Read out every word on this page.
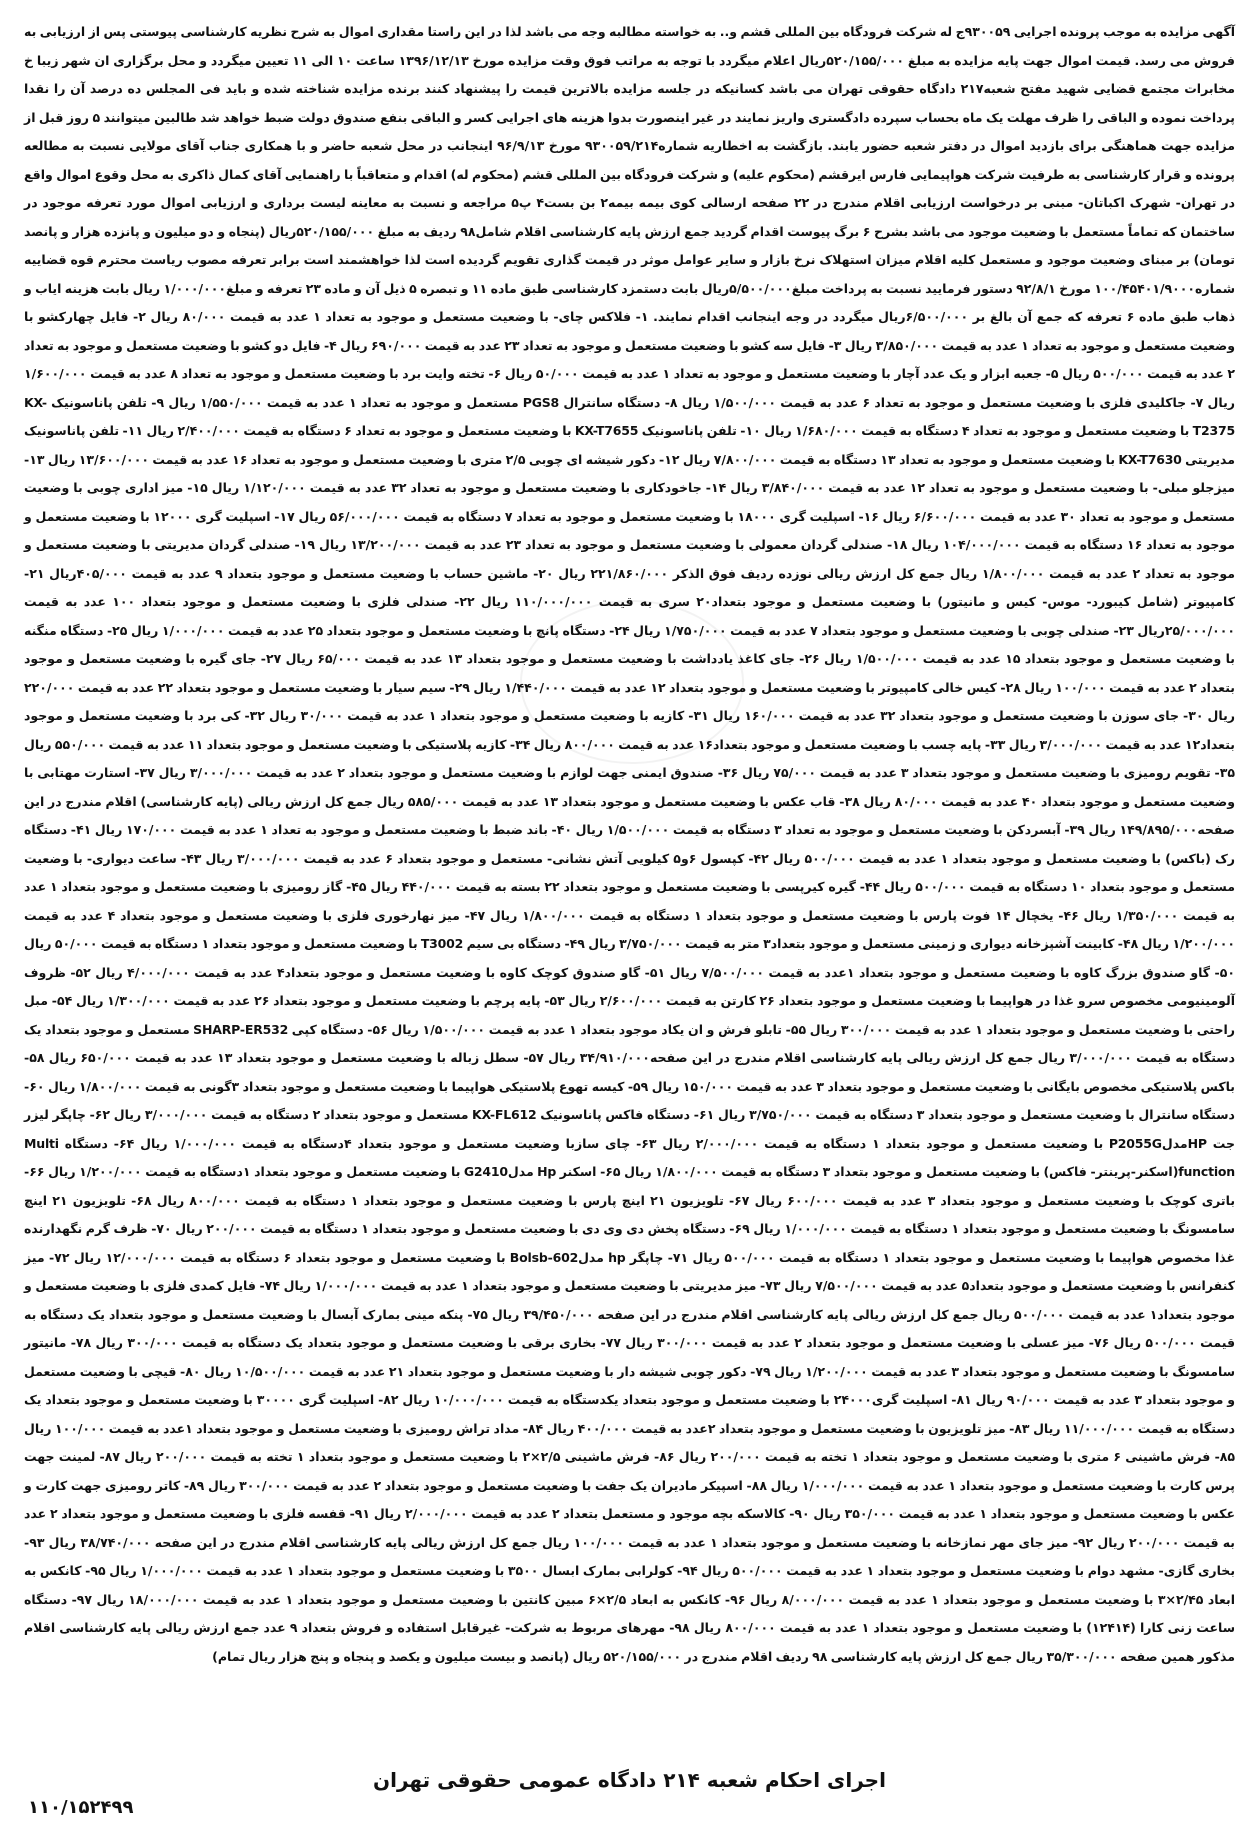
آگهی مزایده به موجب پرونده اجرایی ۹۳۰۰۵۹ج له شرکت فرودگاه بین المللی قشم و.. به خواسته مطالبه وجه می باشد لذا در این راستا مقداری اموال به شرح نظریه کارشناسی پیوستی پس از ارزیابی به فروش می رسد. قیمت اموال جهت پایه مزایده به مبلغ ۵۲۰/۱۵۵/۰۰۰ریال اعلام میگردد با توجه به مراتب فوق وقت مزایده مورخ ۱۳۹۶/۱۲/۱۳ ساعت ۱۰ الی ۱۱ تعیین میگردد و محل برگزاری ان شهر زیبا خ مخابرات مجتمع قضایی شهید مفتح شعبه۲۱۷ دادگاه حقوقی تهران می باشد کسانیکه در جلسه مزایده بالاترین قیمت را پیشنهاد کنند برنده مزایده شناخته شده و باید فی المجلس ده درصد آن را نقدا پرداخت نموده و الباقی را ظرف مهلت یک ماه بحساب سپرده دادگستری واریز نمایند در غیر اینصورت بدوا هزینه های اجرایی کسر و الباقی بنفع صندوق دولت ضبط خواهد شد طالبین میتوانند ۵ روز قبل از مزایده جهت هماهنگی برای بازدید اموال در دفتر شعبه حضور یابند. بازگشت به اخطاریه شماره۹۳۰۰۵۹/۲۱۴ مورخ ۹۶/۹/۱۳ اینجانب در محل شعبه حاضر و با همکاری جناب آقای مولایی نسبت به مطالعه پرونده و قرار کارشناسی به طرفیت شرکت هواپیمایی فارس ایرقشم (محکوم علیه) و شرکت فرودگاه بین المللی قشم (محکوم له) اقدام و متعاقباً با راهنمایی آقای کمال ذاکری به محل وقوع اموال واقع در تهران- شهرک اکباتان- مبنی بر درخواست ارزیابی اقلام مندرج در ۲۲ صفحه ارسالی کوی بیمه بیمه۲ بن بست۴ پ۵ مراجعه و نسبت به معاینه لیست برداری و ارزیابی اموال مورد تعرفه موجود در ساختمان که تماماً مستعمل با وضعیت موجود می باشد بشرح ۶ برگ پیوست اقدام گردید جمع ارزش پایه کارشناسی اقلام شامل۹۸ ردیف به مبلغ ۵۲۰/۱۵۵/۰۰۰ریال (پنجاه و دو میلیون و پانزده هزار و پانصد تومان) بر مبنای وضعیت موجود و مستعمل کلیه اقلام میزان استهلاک نرخ بازار و سایر عوامل موثر در قیمت گذاری تقویم گردیده است لذا خواهشمند است برابر تعرفه مصوب ریاست محترم قوه قضاییه شماره۱۰۰/۴۵۴۰۱/۹۰۰۰ مورخ ۹۲/۸/۱ دستور فرمایید نسبت به پرداخت مبلغ۵/۵۰۰/۰۰۰ریال بابت دستمزد کارشناسی طبق ماده ۱۱ و تبصره ۵ ذیل آن و ماده ۲۳ تعرفه و مبلغ۱/۰۰۰/۰۰۰ ریال بابت هزینه ایاب و ذهاب طبق ماده ۶ تعرفه که جمع آن بالغ بر ۶/۵۰۰/۰۰۰ریال میگردد در وجه اینجانب اقدام نمایند. ۱- فلاکس چای- با وضعیت مستعمل و موجود به تعداد ۱ عدد به قیمت ۸۰/۰۰۰ ریال ۲- فایل چهارکشو با وضعیت مستعمل و موجود به تعداد ۱ عدد به قیمت ۳/۸۵۰/۰۰۰ ریال ۳- فایل سه کشو با وضعیت مستعمل و موجود به تعداد ۲۳ عدد به قیمت ۶۹۰/۰۰۰ ریال ۴- فایل دو کشو با وضعیت مستعمل و موجود به تعداد ۲ عدد به قیمت ۵۰۰/۰۰۰ ریال ۵- جعبه ابزار و یک عدد آچار با وضعیت مستعمل و موجود به تعداد ۱ عدد به قیمت ۵۰/۰۰۰ ریال ۶- تخته وایت برد با وضعیت مستعمل و موجود به تعداد ۸ عدد به قیمت ۱/۶۰۰/۰۰۰ ریال ۷- جاکلیدی فلزی با وضعیت مستعمل و موجود به تعداد ۶ عدد به قیمت ۱/۵۰۰/۰۰۰ ریال ۸- دستگاه سانترال PGS8 مستعمل و موجود به تعداد ۱ عدد به قیمت ۱/۵۵۰/۰۰۰ ریال ۹- تلفن پاناسونیک KX-T2375 با وضعیت مستعمل و موجود به تعداد ۴ دستگاه به قیمت ۱/۶۸۰/۰۰۰ ریال ۱۰- تلفن پاناسونیک KX-T7655 با وضعیت مستعمل و موجود به تعداد ۶ دستگاه به قیمت ۲/۴۰۰/۰۰۰ ریال ۱۱- تلفن پاناسونیک مدیریتی KX-T7630 با وضعیت مستعمل و موجود به تعداد ۱۳ دستگاه به قیمت ۷/۸۰۰/۰۰۰ ریال ۱۲- دکور شیشه ای چوبی ۲/۵ متری با وضعیت مستعمل و موجود به تعداد ۱۶ عدد به قیمت ۱۳/۶۰۰/۰۰۰ ریال ۱۳- میزجلو مبلی- با وضعیت مستعمل و موجود به تعداد ۱۲ عدد به قیمت ۳/۸۴۰/۰۰۰ ریال ۱۴- جاخودکاری با وضعیت مستعمل و موجود به تعداد ۳۲ عدد به قیمت ۱/۱۲۰/۰۰۰ ریال ۱۵- میز اداری چوبی با وضعیت مستعمل و موجود به تعداد ۳۰ عدد به قیمت ۶/۶۰۰/۰۰۰ ریال ۱۶- اسپلیت گری ۱۸۰۰۰ با وضعیت مستعمل و موجود به تعداد ۷ دستگاه به قیمت ۵۶/۰۰۰/۰۰۰ ریال ۱۷- اسپلیت گری ۱۲۰۰۰ با وضعیت مستعمل و موجود به تعداد ۱۶ دستگاه به قیمت ۱۰۴/۰۰۰/۰۰۰ ریال ۱۸- صندلی گردان معمولی با وضعیت مستعمل و موجود به تعداد ۲۳ عدد به قیمت ۱۳/۲۰۰/۰۰۰ ریال ۱۹- صندلی گردان مدیریتی با وضعیت مستعمل و موجود به تعداد ۲ عدد به قیمت ۱/۸۰۰/۰۰۰ ریال جمع کل ارزش ریالی نوزده ردیف فوق الذکر ۲۲۱/۸۶۰/۰۰۰ ریال ۲۰- ماشین حساب با وضعیت مستعمل و موجود بتعداد ۹ عدد به قیمت ۴۰۵/۰۰۰ریال ۲۱- کامپیوتر (شامل کیبورد- موس- کیس و مانیتور) با وضعیت مستعمل و موجود بتعداد۲۰ سری به قیمت ۱۱۰/۰۰۰/۰۰۰ ریال ۲۲- صندلی فلزی با وضعیت مستعمل و موجود بتعداد ۱۰۰ عدد به قیمت ۲۵/۰۰۰/۰۰۰ریال ۲۳- صندلی چوبی با وضعیت مستعمل و موجود بتعداد ۷ عدد به قیمت ۱/۷۵۰/۰۰۰ ریال ۲۴- دستگاه پانچ با وضعیت مستعمل و موجود بتعداد ۲۵ عدد به قیمت ۱/۰۰۰/۰۰۰ ریال ۲۵- دستگاه منگنه با وضعیت مستعمل و موجود بتعداد ۱۵ عدد به قیمت ۱/۵۰۰/۰۰۰ ریال ۲۶- جای کاغذ یادداشت با وضعیت مستعمل و موجود بتعداد ۱۳ عدد به قیمت ۶۵/۰۰۰ ریال ۲۷- جای گیره با وضعیت مستعمل و موجود بتعداد ۲ عدد به قیمت ۱۰۰/۰۰۰ ریال ۲۸- کیس خالی کامپیوتر با وضعیت مستعمل و موجود بتعداد ۱۲ عدد به قیمت ۱/۴۴۰/۰۰۰ ریال ۲۹- سیم سیار با وضعیت مستعمل و موجود بتعداد ۲۲ عدد به قیمت ۲۲۰/۰۰۰ ریال ۳۰- جای سوزن با وضعیت مستعمل و موجود بتعداد ۳۲ عدد به قیمت ۱۶۰/۰۰۰ ریال ۳۱- کازیه با وضعیت مستعمل و موجود بتعداد ۱ عدد به قیمت ۳۰/۰۰۰ ریال ۳۲- کی برد با وضعیت مستعمل و موجود بتعداد۱۲ عدد به قیمت ۳/۰۰۰/۰۰۰ ریال ۳۳- پایه چسب با وضعیت مستعمل و موجود بتعداد۱۶ عدد به قیمت ۸۰۰/۰۰۰ ریال ۳۴- کازیه پلاستیکی با وضعیت مستعمل و موجود بتعداد ۱۱ عدد به قیمت ۵۵۰/۰۰۰ ریال ۳۵- تقویم رومیزی با وضعیت مستعمل و موجود بتعداد ۳ عدد به قیمت ۷۵/۰۰۰ ریال ۳۶- صندوق ایمنی جهت لوازم با وضعیت مستعمل و موجود بتعداد ۲ عدد به قیمت ۳/۰۰۰/۰۰۰ ریال ۳۷- استارت مهتابی با وضعیت مستعمل و موجود بتعداد ۴۰ عدد به قیمت ۸۰/۰۰۰ ریال ۳۸- قاب عکس با وضعیت مستعمل و موجود بتعداد ۱۳ عدد به قیمت ۵۸۵/۰۰۰ ریال جمع کل ارزش ریالی (پایه کارشناسی) اقلام مندرج در این صفحه۱۴۹/۸۹۵/۰۰۰ ریال ۳۹- آبسردکن با وضعیت مستعمل و موجود به تعداد ۳ دستگاه به قیمت ۱/۵۰۰/۰۰۰ ریال ۴۰- باند ضبط با وضعیت مستعمل و موجود به تعداد ۱ عدد به قیمت ۱۷۰/۰۰۰ ریال ۴۱- دستگاه رک (باکس) با وضعیت مستعمل و موجود بتعداد ۱ عدد به قیمت ۵۰۰/۰۰۰ ریال ۴۲- کپسول ۶و۵ کیلویی آتش نشانی- مستعمل و موجود بتعداد ۶ عدد به قیمت ۳/۰۰۰/۰۰۰ ریال ۴۳- ساعت دیواری- با وضعیت مستعمل و موجود بتعداد ۱۰ دستگاه به قیمت ۵۰۰/۰۰۰ ریال ۴۴- گیره کیرپسی با وضعیت مستعمل و موجود بتعداد ۲۲ بسته به قیمت ۴۴۰/۰۰۰ ریال ۴۵- گاز رومیزی با وضعیت مستعمل و موجود بتعداد ۱ عدد به قیمت ۱/۳۵۰/۰۰۰ ریال ۴۶- یخچال ۱۴ فوت پارس با وضعیت مستعمل و موجود بتعداد ۱ دستگاه به قیمت ۱/۸۰۰/۰۰۰ ریال ۴۷- میز نهارخوری فلزی با وضعیت مستعمل و موجود بتعداد ۴ عدد به قیمت ۱/۲۰۰/۰۰۰ ریال ۴۸- کابینت آشپزخانه دیواری و زمینی مستعمل و موجود بتعداد۳ متر به قیمت ۳/۷۵۰/۰۰۰ ریال ۴۹- دستگاه بی سیم T3002 با وضعیت مستعمل و موجود بتعداد ۱ دستگاه به قیمت ۵۰/۰۰۰ ریال ۵۰- گاو صندوق بزرگ کاوه با وضعیت مستعمل و موجود بتعداد ۱عدد به قیمت ۷/۵۰۰/۰۰۰ ریال ۵۱- گاو صندوق کوچک کاوه با وضعیت مستعمل و موجود بتعداد۴ عدد به قیمت ۴/۰۰۰/۰۰۰ ریال ۵۲- ظروف آلومینیومی مخصوص سرو غذا در هواپیما با وضعیت مستعمل و موجود بتعداد ۲۶ کارتن به قیمت ۲/۶۰۰/۰۰۰ ریال ۵۳- پایه پرچم با وضعیت مستعمل و موجود بتعداد ۲۶ عدد به قیمت ۱/۳۰۰/۰۰۰ ریال ۵۴- مبل راحتی با وضعیت مستعمل و موجود بتعداد ۱ عدد به قیمت ۳۰۰/۰۰۰ ریال ۵۵- تابلو فرش و ان یکاد موجود بتعداد ۱ عدد به قیمت ۱/۵۰۰/۰۰۰ ریال ۵۶- دستگاه کپی SHARP-ER532 مستعمل و موجود بتعداد یک دستگاه به قیمت ۳/۰۰۰/۰۰۰ ریال جمع کل ارزش ریالی پایه کارشناسی اقلام مندرج در این صفحه۳۴/۹۱۰/۰۰۰ ریال ۵۷- سطل زباله با وضعیت مستعمل و موجود بتعداد ۱۳ عدد به قیمت ۶۵۰/۰۰۰ ریال ۵۸- باکس پلاستیکی مخصوص بایگانی با وضعیت مستعمل و موجود بتعداد ۳ عدد به قیمت ۱۵۰/۰۰۰ ریال ۵۹- کیسه تهوع پلاستیکی هواپیما با وضعیت مستعمل و موجود بتعداد ۳گونی به قیمت ۱/۸۰۰/۰۰۰ ریال ۶۰- دستگاه سانترال با وضعیت مستعمل و موجود بتعداد ۳ دستگاه به قیمت ۳/۷۵۰/۰۰۰ ریال ۶۱- دستگاه فاکس پاناسونیک KX-FL612 مستعمل و موجود بتعداد ۲ دستگاه به قیمت ۳/۰۰۰/۰۰۰ ریال ۶۲- چاپگر لیزر جت HPمدلP2055G با وضعیت مستعمل و موجود بتعداد ۱ دستگاه به قیمت ۲/۰۰۰/۰۰۰ ریال ۶۳- چای سازبا وضعیت مستعمل و موجود بتعداد ۴دستگاه به قیمت ۱/۰۰۰/۰۰۰ ریال ۶۴- دستگاه Multi function(اسکنر-پرینتر- فاکس) با وضعیت مستعمل و موجود بتعداد ۳ دستگاه به قیمت ۱/۸۰۰/۰۰۰ ریال ۶۵- اسکنر Hp مدلG2410 با وضعیت مستعمل و موجود بتعداد ۱دستگاه به قیمت ۱/۲۰۰/۰۰۰ ریال ۶۶- باتری کوچک با وضعیت مستعمل و موجود بتعداد ۳ عدد به قیمت ۶۰۰/۰۰۰ ریال ۶۷- تلویزیون ۲۱ اینچ پارس با وضعیت مستعمل و موجود بتعداد ۱ دستگاه به قیمت ۸۰۰/۰۰۰ ریال ۶۸- تلویزیون ۲۱ اینچ سامسونگ با وضعیت مستعمل و موجود بتعداد ۱ دستگاه به قیمت ۱/۰۰۰/۰۰۰ ریال ۶۹- دستگاه پخش دی وی دی با وضعیت مستعمل و موجود بتعداد ۱ دستگاه به قیمت ۲۰۰/۰۰۰ ریال ۷۰- ظرف گرم نگهدارنده غذا مخصوص هواپیما با وضعیت مستعمل و موجود بتعداد ۱ دستگاه به قیمت ۵۰۰/۰۰۰ ریال ۷۱- چاپگر hp مدلBolsb-602 با وضعیت مستعمل و موجود بتعداد ۶ دستگاه به قیمت ۱۲/۰۰۰/۰۰۰ ریال ۷۲- میز کنفرانس با وضعیت مستعمل و موجود بتعداد۵ عدد به قیمت ۷/۵۰۰/۰۰۰ ریال ۷۳- میز مدیریتی با وضعیت مستعمل و موجود بتعداد ۱ عدد به قیمت ۱/۰۰۰/۰۰۰ ریال ۷۴- فایل کمدی فلزی با وضعیت مستعمل و موجود بتعداد۱ عدد به قیمت ۵۰۰/۰۰۰ ریال جمع کل ارزش ریالی پایه کارشناسی اقلام مندرج در این صفحه ۳۹/۴۵۰/۰۰۰ ریال ۷۵- پنکه مینی بمارک آبسال با وضعیت مستعمل و موجود بتعداد یک دستگاه به قیمت ۵۰۰/۰۰۰ ریال ۷۶- میز عسلی با وضعیت مستعمل و موجود بتعداد ۲ عدد به قیمت ۳۰۰/۰۰۰ ریال ۷۷- بخاری برقی با وضعیت مستعمل و موجود بتعداد یک دستگاه به قیمت ۳۰۰/۰۰۰ ریال ۷۸- مانیتور سامسونگ با وضعیت مستعمل و موجود بتعداد ۳ عدد به قیمت ۱/۲۰۰/۰۰۰ ریال ۷۹- دکور چوبی شیشه دار با وضعیت مستعمل و موجود بتعداد ۲۱ عدد به قیمت ۱۰/۵۰۰/۰۰۰ ریال ۸۰- قیچی با وضعیت مستعمل و موجود بتعداد ۳ عدد به قیمت ۹۰/۰۰۰ ریال ۸۱- اسپلیت گری۲۴۰۰۰ با وضعیت مستعمل و موجود بتعداد یکدستگاه به قیمت ۱۰/۰۰۰/۰۰۰ ریال ۸۲- اسپلیت گری ۳۰۰۰۰ با وضعیت مستعمل و موجود بتعداد یک دستگاه به قیمت ۱۱/۰۰۰/۰۰۰ ریال ۸۳- میز تلویزیون با وضعیت مستعمل و موجود بتعداد ۲عدد به قیمت ۴۰۰/۰۰۰ ریال ۸۴- مداد تراش رومیزی با وضعیت مستعمل و موجود بتعداد ۱عدد به قیمت ۱۰۰/۰۰۰ ریال ۸۵- فرش ماشینی ۶ متری با وضعیت مستعمل و موجود بتعداد ۱ تخته به قیمت ۲۰۰/۰۰۰ ریال ۸۶- فرش ماشینی ۲/۵×۲ با وضعیت مستعمل و موجود بتعداد ۱ تخته به قیمت ۲۰۰/۰۰۰ ریال ۸۷- لمینت جهت پرس کارت با وضعیت مستعمل و موجود بتعداد ۱ عدد به قیمت ۱/۰۰۰/۰۰۰ ریال ۸۸- اسپیکر مادیران یک جفت با وضعیت مستعمل و موجود بتعداد ۲ عدد به قیمت ۳۰۰/۰۰۰ ریال ۸۹- کاتر رومیزی جهت کارت و عکس با وضعیت مستعمل و موجود بتعداد ۱ عدد به قیمت ۳۵۰/۰۰۰ ریال ۹۰- کالاسکه بچه موجود و مستعمل بتعداد ۲ عدد به قیمت ۲/۰۰۰/۰۰۰ ریال ۹۱- قفسه فلزی با وضعیت مستعمل و موجود بتعداد ۲ عدد به قیمت ۲۰۰/۰۰۰ ریال ۹۲- میز جای مهر نمازخانه با وضعیت مستعمل و موجود بتعداد ۱ عدد به قیمت ۱۰۰/۰۰۰ ریال جمع کل ارزش ریالی پایه کارشناسی اقلام مندرج در این صفحه ۳۸/۷۴۰/۰۰۰ ریال ۹۳- بخاری گازی- مشهد دوام با وضعیت مستعمل و موجود بتعداد ۱ عدد به قیمت ۵۰۰/۰۰۰ ریال ۹۴- کولرابی بمارک ابسال ۳۵۰۰ با وضعیت مستعمل و موجود بتعداد ۱ عدد به قیمت ۱/۰۰۰/۰۰۰ ریال ۹۵- کانکس به ابعاد ۲/۴۵×۳ با وضعیت مستعمل و موجود بتعداد ۱ عدد به قیمت ۸/۰۰۰/۰۰۰ ریال ۹۶- کانکس به ابعاد ۲/۵×۶ مبین کانتین با وضعیت مستعمل و موجود بتعداد ۱ عدد به قیمت ۱۸/۰۰۰/۰۰۰ ریال ۹۷- دستگاه ساعت زنی کارا (۱۲۴۱۴) با وضعیت مستعمل و موجود بتعداد ۱ عدد به قیمت ۸۰۰/۰۰۰ ریال ۹۸- مهرهای مربوط به شرکت- غیرقابل استفاده و فروش بتعداد ۹ عدد جمع ارزش ریالی پایه کارشناسی اقلام مذکور همین صفحه ۳۵/۳۰۰/۰۰۰ ریال جمع کل ارزش پایه کارشناسی ۹۸ ردیف اقلام مندرج در ۵۲۰/۱۵۵/۰۰۰ ریال (پانصد و بیست میلیون و یکصد و پنجاه و پنج هزار ریال تمام)

اجرای احکام شعبه ۲۱۴ دادگاه عمومی حقوقی تهران
۱۱۰/۱۵۲۴۹۹
